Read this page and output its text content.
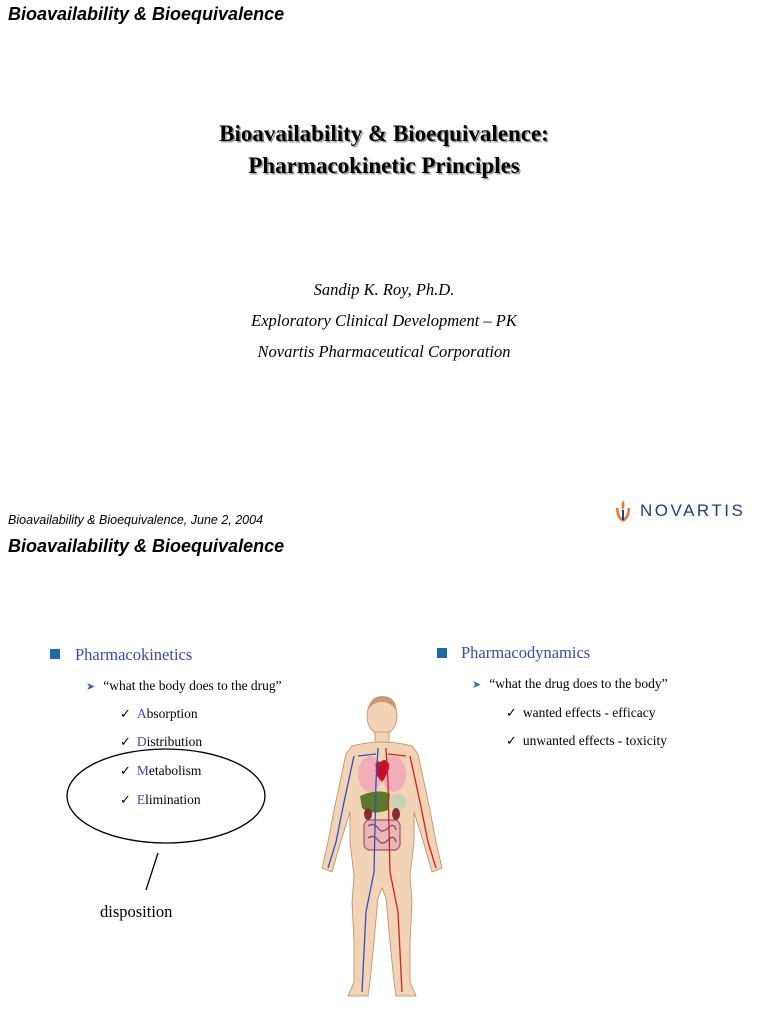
Bioavailability & Bioequivalence
Bioavailability & Bioequivalence:
Pharmacokinetic Principles
Sandip K. Roy, Ph.D.
Exploratory Clinical Development – PK
Novartis Pharmaceutical Corporation
Bioavailability & Bioequivalence, June 2, 2004	NOVARTIS
Bioavailability & Bioequivalence
Pharmacokinetics
➤ “what the body does to the drug”
✓ A bsorption
✓ D istribution
✓ M etabolism
✓ E limination
disposition
Pharmacodynamics
➤ “what the drug does to the body”
✓ wanted effects - efficacy
✓ unwanted effects - toxicity
